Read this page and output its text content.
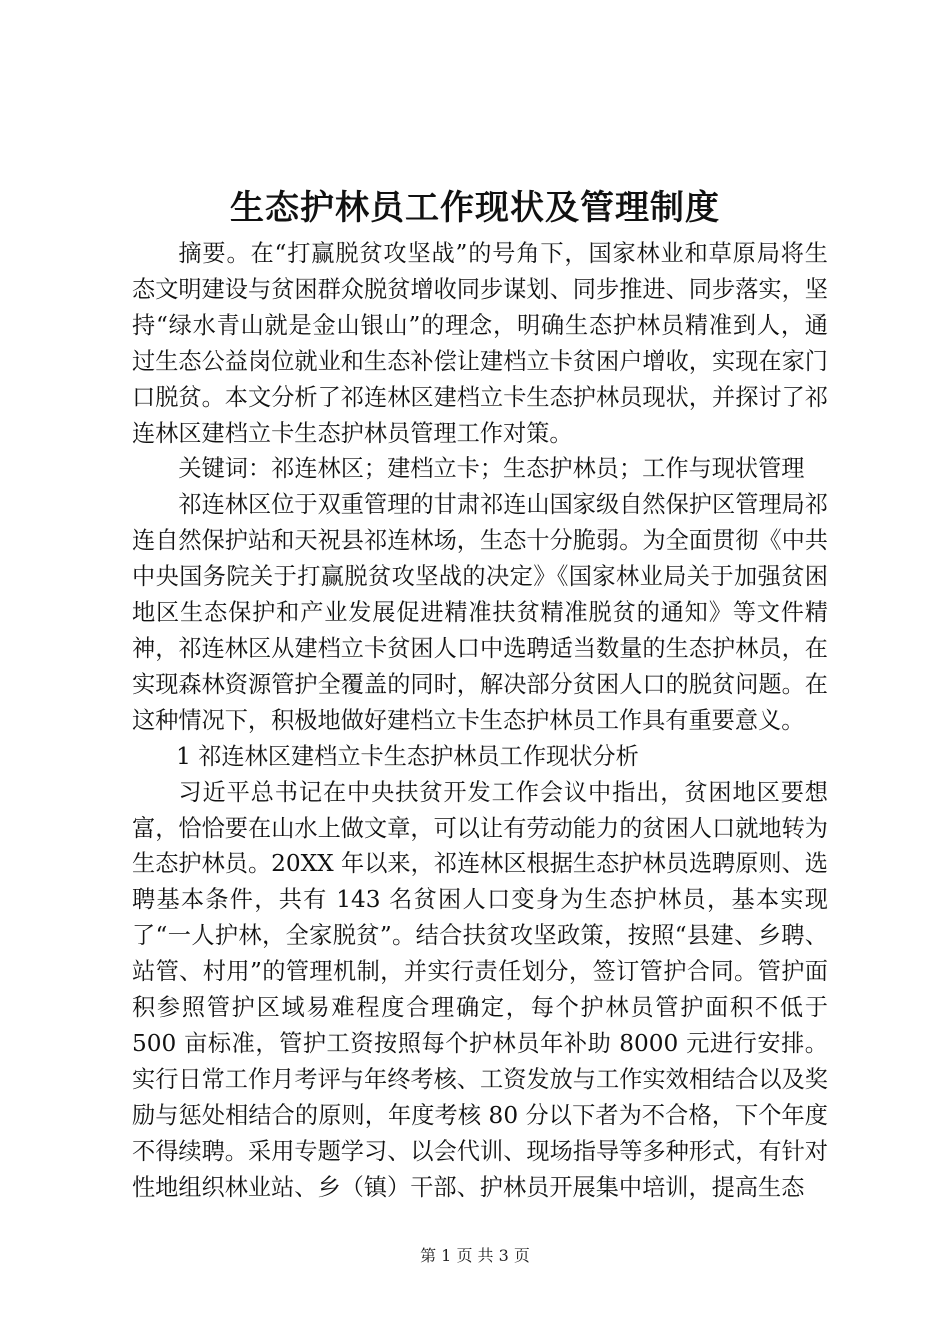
生态护林员工作现状及管理制度

摘要。在“打赢脱贫攻坚战”的号角下，国家林业和草原局将生态文明建设与贫困群众脱贫增收同步谋划、同步推进、同步落实，坚持“绿水青山就是金山银山”的理念，明确生态护林员精准到人，通过生态公益岗位就业和生态补偿让建档立卡贫困户增收，实现在家门口脱贫。本文分析了祁连林区建档立卡生态护林员现状，并探讨了祁连林区建档立卡生态护林员管理工作对策。

关键词：祁连林区；建档立卡；生态护林员；工作与现状管理

祁连林区位于双重管理的甘肃祁连山国家级自然保护区管理局祁连自然保护站和天祝县祁连林场，生态十分脆弱。为全面贯彻《中共中央国务院关于打赢脱贫攻坚战的决定》《国家林业局关于加强贫困地区生态保护和产业发展促进精准扶贫精准脱贫的通知》等文件精神，祁连林区从建档立卡贫困人口中选聘适当数量的生态护林员，在实现森林资源管护全覆盖的同时，解决部分贫困人口的脱贫问题。在这种情况下，积极地做好建档立卡生态护林员工作具有重要意义。

1 祁连林区建档立卡生态护林员工作现状分析

习近平总书记在中央扶贫开发工作会议中指出，贫困地区要想富，恰恰要在山水上做文章，可以让有劳动能力的贫困人口就地转为生态护林员。20XX 年以来，祁连林区根据生态护林员选聘原则、选聘基本条件，共有 143 名贫困人口变身为生态护林员，基本实现了“一人护林，全家脱贫”。结合扶贫攻坚政策，按照“县建、乡聘、站管、村用”的管理机制，并实行责任划分，签订管护合同。管护面积参照管护区域易难程度合理确定，每个护林员管护面积不低于 500 亩标准，管护工资按照每个护林员年补助 8000 元进行安排。实行日常工作月考评与年终考核、工资发放与工作实效相结合以及奖励与惩处相结合的原则，年度考核 80 分以下者为不合格，下个年度不得续聘。采用专题学习、以会代训、现场指导等多种形式，有针对性地组织林业站、乡（镇）干部、护林员开展集中培训，提高生态

第 1 页 共 3 页
